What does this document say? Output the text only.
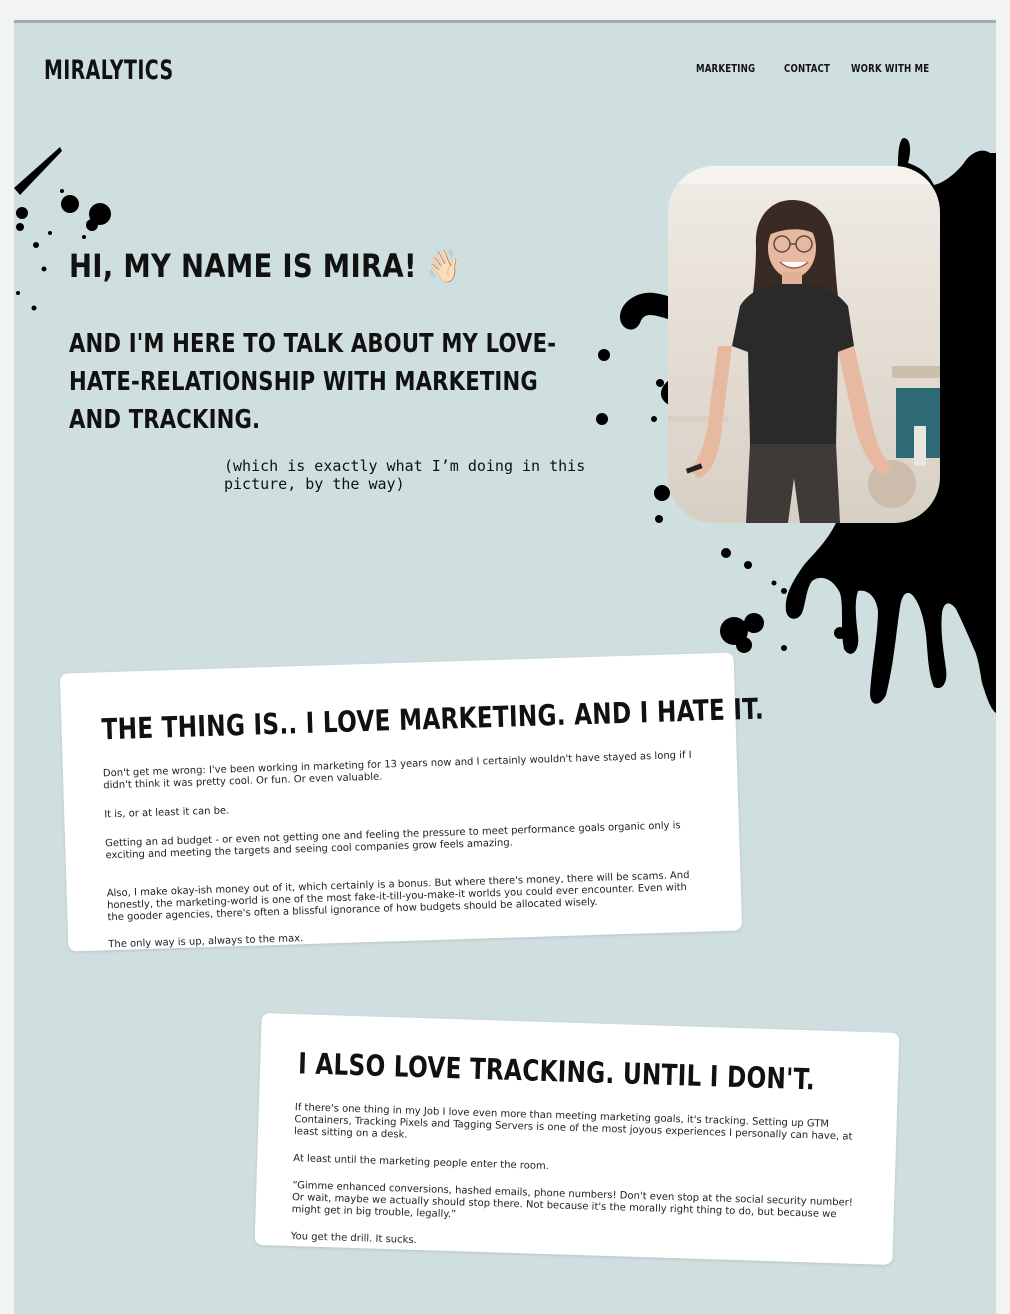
MIRALYTICS	MARKETING	CONTACT WORK WITH ME
HI, MY NAME IS MIRA! 👋🏻
AND I'M HERE TO TALK ABOUT MY LOVE-HATE-RELATIONSHIP WITH MARKETING AND TRACKING.
(which is exactly what I’m doing in this picture, by the way)
THE THING IS.. I LOVE MARKETING. AND I HATE IT.

Don't get me wrong: I've been working in marketing for 13 years now and I certainly wouldn't have stayed as long if I didn't think it was pretty cool. Or fun. Or even valuable.

It is, or at least it can be.

Getting an ad budget - or even not getting one and feeling the pressure to meet performance goals organic only is exciting and meeting the targets and seeing cool companies grow feels amazing.

Also, I make okay-ish money out of it, which certainly is a bonus. But where there's money, there will be scams. And honestly, the marketing-world is one of the most fake-it-till-you-make-it worlds you could ever encounter. Even with the gooder agencies, there's often a blissful ignorance of how budgets should be allocated wisely.

The only way is up, always to the max.

I ALSO LOVE TRACKING. UNTIL I DON'T.

If there's one thing in my Job I love even more than meeting marketing goals, it's tracking. Setting up GTM Containers, Tracking Pixels and Tagging Servers is one of the most joyous experiences I personally can have, at least sitting on a desk.

At least until the marketing people enter the room.

“Gimme enhanced conversions, hashed emails, phone numbers! Don't even stop at the social security number! Or wait, maybe we actually should stop there. Not because it's the morally right thing to do, but because we might get in big trouble, legally.”

You get the drill. It sucks.
